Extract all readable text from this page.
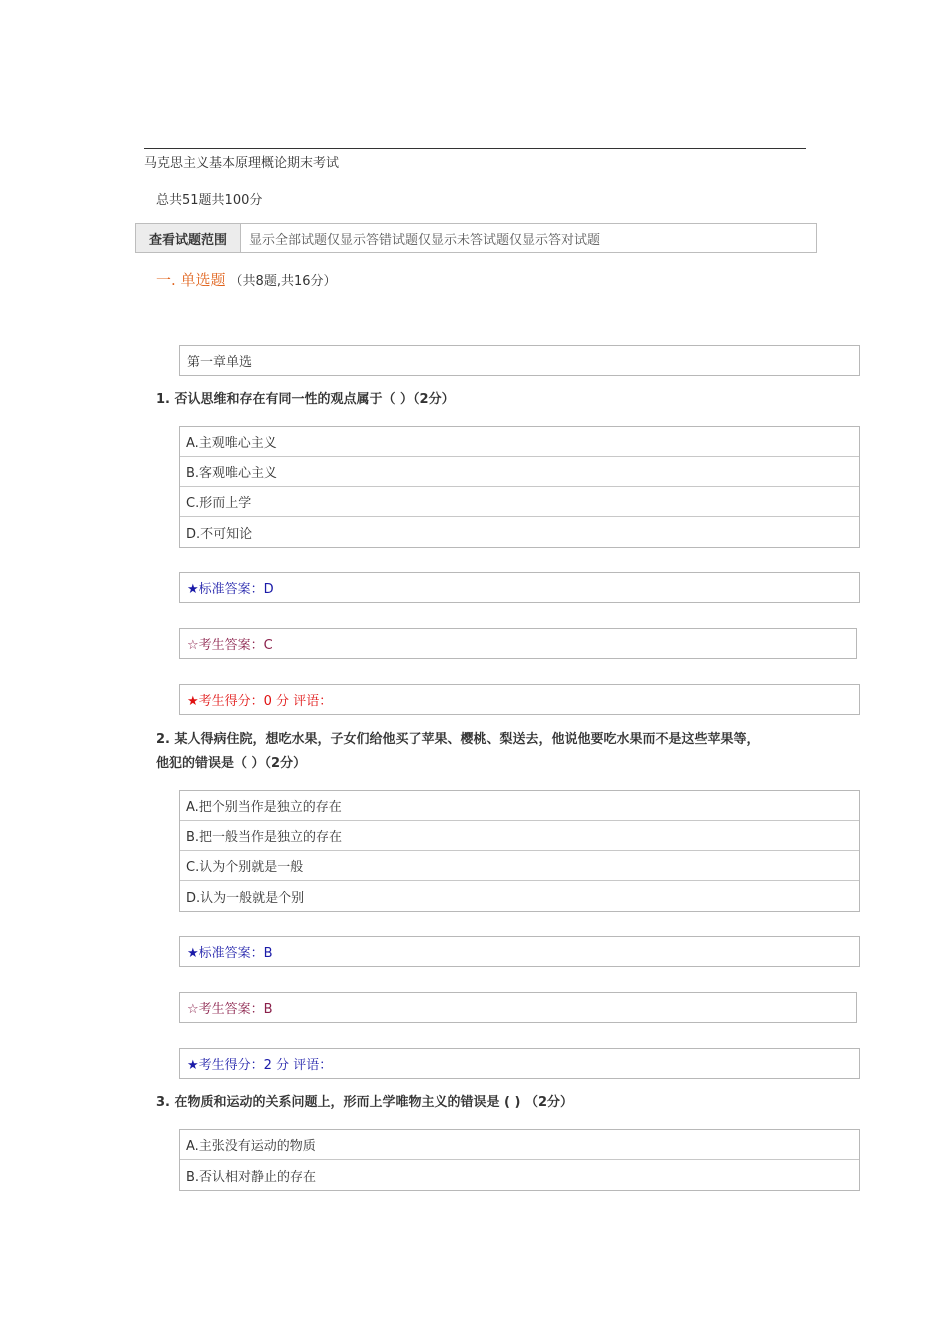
马克思主义基本原理概论期末考试
总共51题共100分
查看试题范围	显示全部试题 仅显示答错试题 仅显示未答试题 仅显示答对试题
一. 单选题 （共8题,共16分）
第一章单选
1. 否认思维和存在有同一性的观点属于（ ）（2分）
A.主观唯心主义
B.客观唯心主义
C.形而上学
D.不可知论
★标准答案：D
☆考生答案：C
★考生得分：0 分 评语：
2. 某人得病住院，想吃水果，子女们给他买了苹果、樱桃、梨送去，他说他要吃水果而不是这些苹果等，
他犯的错误是（ ）（2分）
A.把个别当作是独立的存在
B.把一般当作是独立的存在
C.认为个别就是一般
D.认为一般就是个别
★标准答案：B
☆考生答案：B
★考生得分：2 分 评语：
3. 在物质和运动的关系问题上，形而上学唯物主义的错误是 ( ) （2分）
A.主张没有运动的物质
B.否认相对静止的存在
